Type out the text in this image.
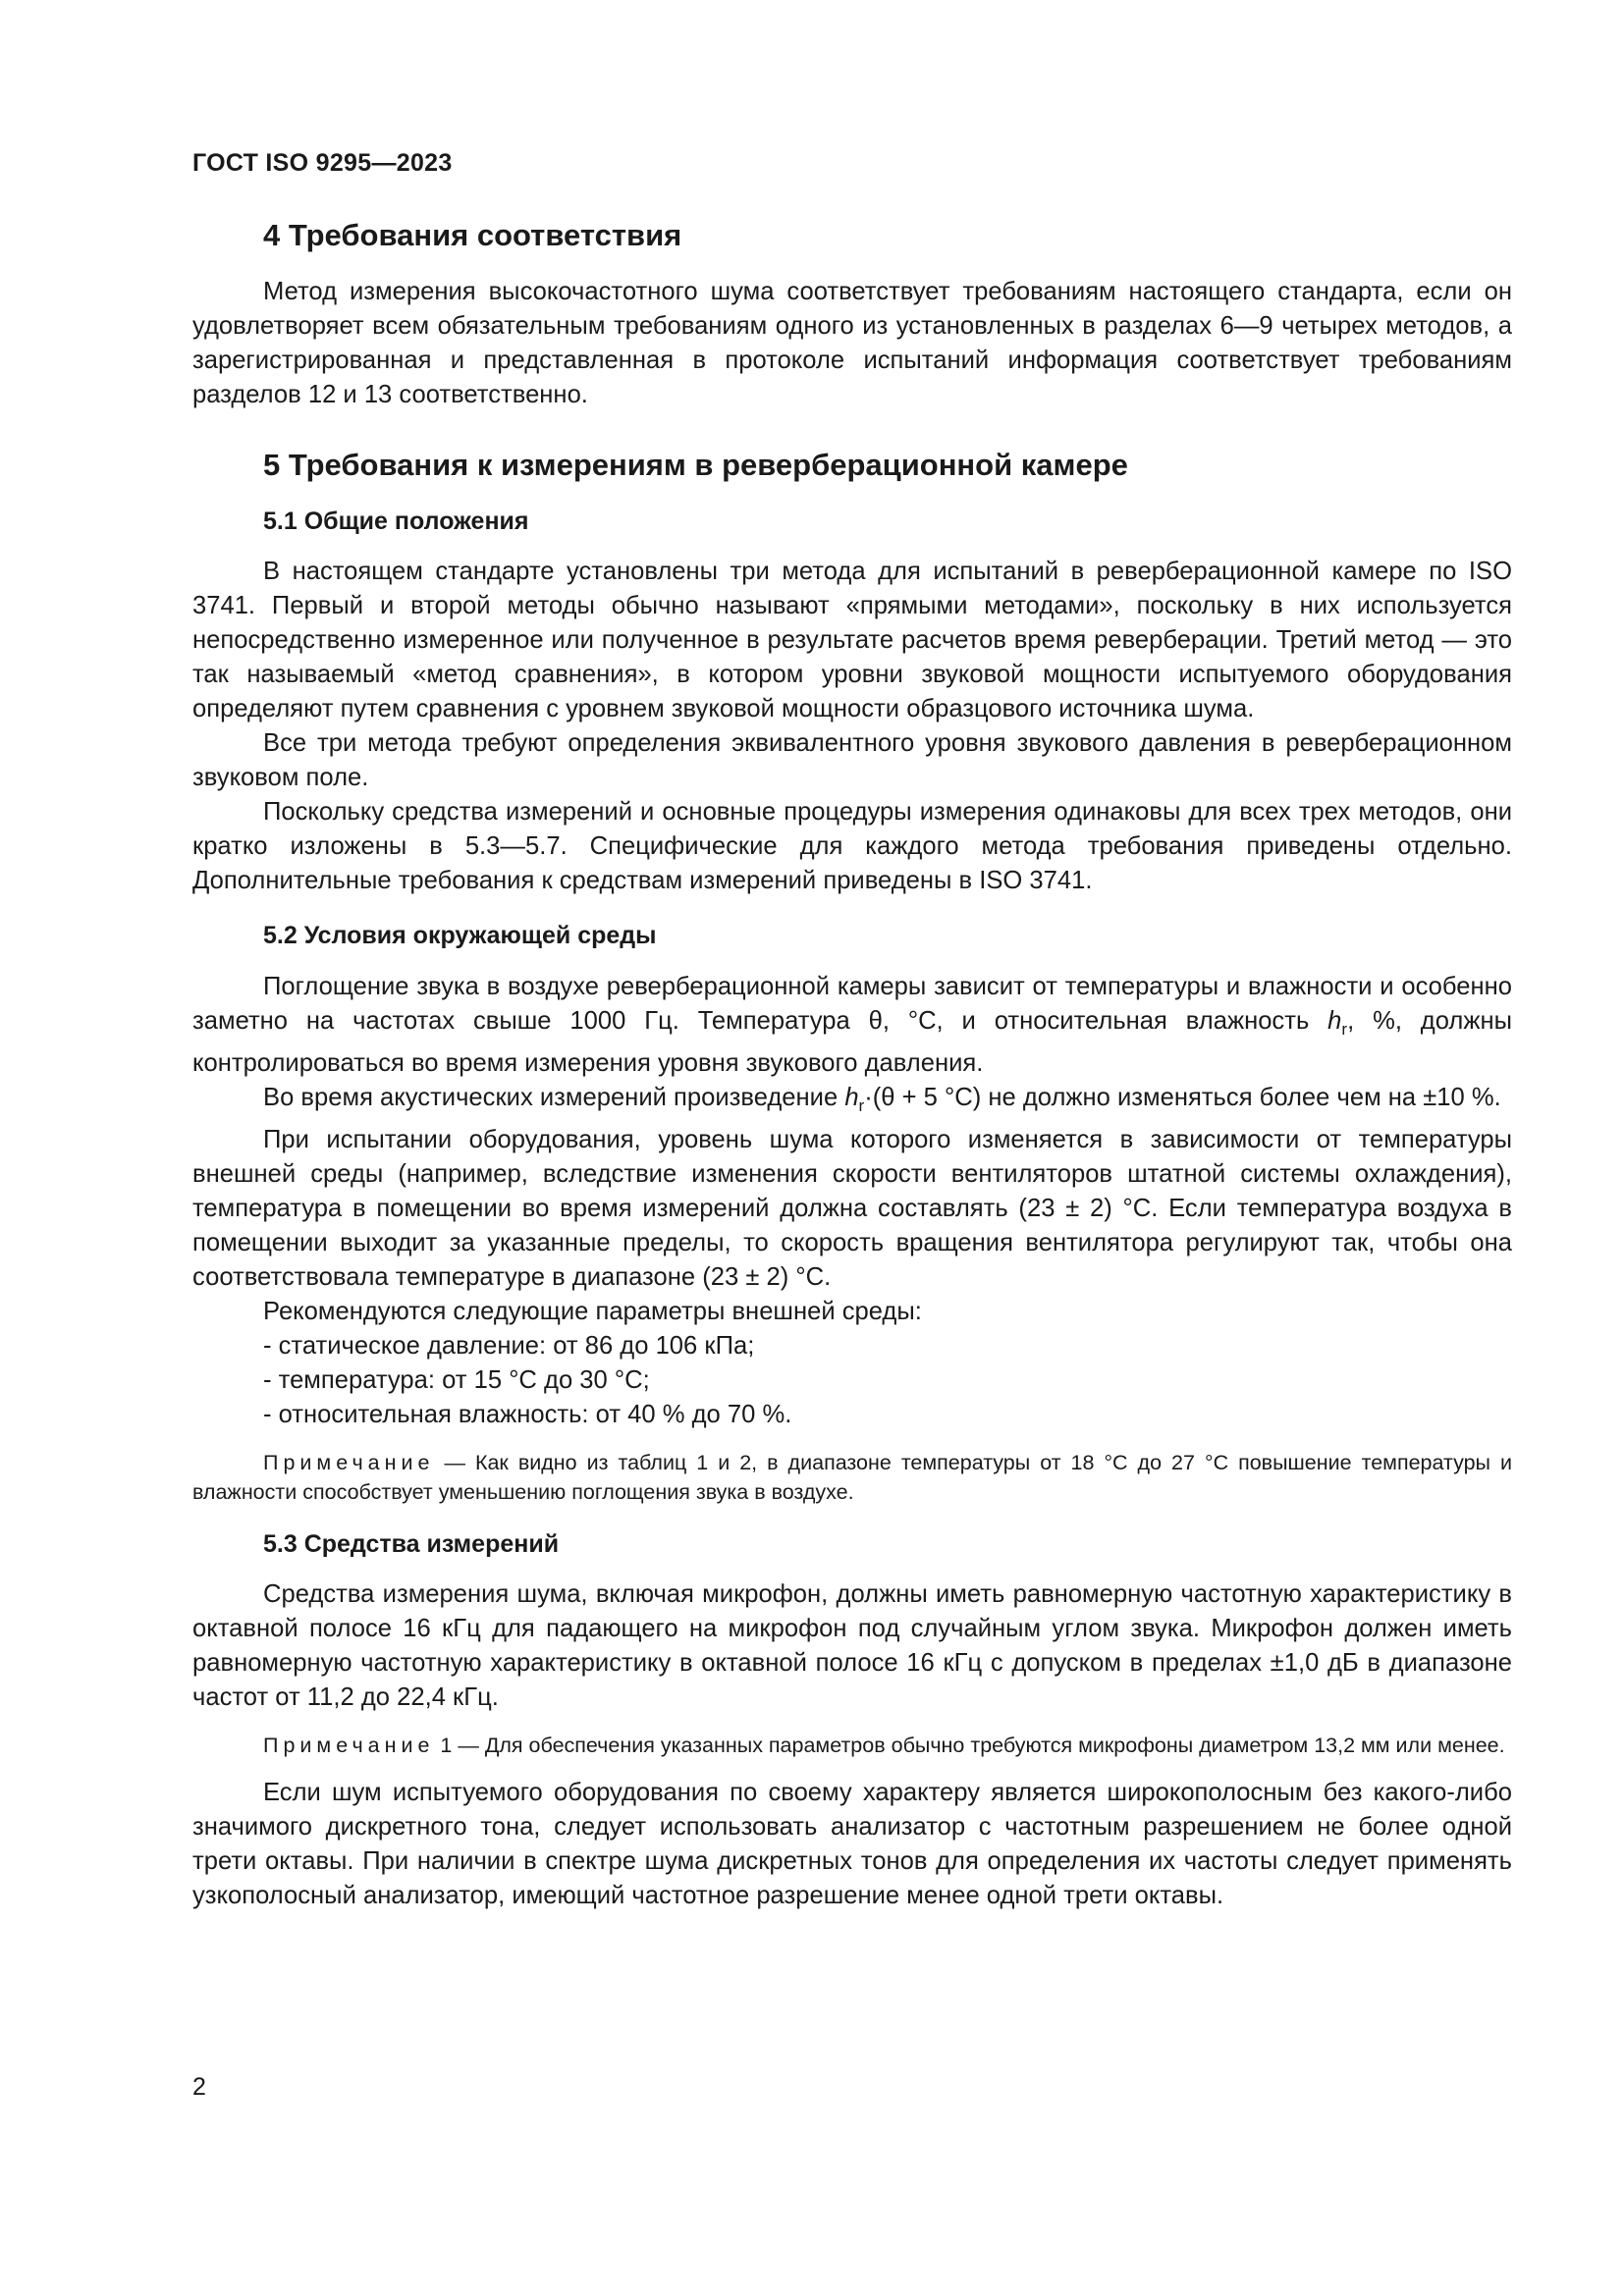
ГОСТ ISO 9295—2023
4 Требования соответствия

Метод измерения высокочастотного шума соответствует требованиям настоящего стандарта, если он удовлетворяет всем обязательным требованиям одного из установленных в разделах 6—9 четырех методов, а зарегистрированная и представленная в протоколе испытаний информация соответствует требованиям разделов 12 и 13 соответственно.

5 Требования к измерениям в реверберационной камере
5.1 Общие положения

В настоящем стандарте установлены три метода для испытаний в реверберационной камере по ISO 3741. Первый и второй методы обычно называют «прямыми методами», поскольку в них используется непосредственно измеренное или полученное в результате расчетов время реверберации. Третий метод — это так называемый «метод сравнения», в котором уровни звуковой мощности испытуемого оборудования определяют путем сравнения с уровнем звуковой мощности образцового источника шума.

Все три метода требуют определения эквивалентного уровня звукового давления в реверберационном звуковом поле.

Поскольку средства измерений и основные процедуры измерения одинаковы для всех трех методов, они кратко изложены в 5.3—5.7. Специфические для каждого метода требования приведены отдельно. Дополнительные требования к средствам измерений приведены в ISO 3741.

5.2 Условия окружающей среды

Поглощение звука в воздухе реверберационной камеры зависит от температуры и влажности и особенно заметно на частотах свыше 1000 Гц. Температура θ, °C, и относительная влажность $h_r$, %, должны контролироваться во время измерения уровня звукового давления.

Во время акустических измерений произведение $h_r\cdot(\theta + 5$ °C) не должно изменяться более чем на ±10 %.

При испытании оборудования, уровень шума которого изменяется в зависимости от температуры внешней среды (например, вследствие изменения скорости вентиляторов штатной системы охлаждения), температура в помещении во время измерений должна составлять (23 ± 2) °C. Если температура воздуха в помещении выходит за указанные пределы, то скорость вращения вентилятора регулируют так, чтобы она соответствовала температуре в диапазоне (23 ± 2) °C.

Рекомендуются следующие параметры внешней среды:

- статическое давление: от 86 до 106 кПа;
- температура: от 15 °C до 30 °C;
- относительная влажность: от 40 % до 70 %.

Примечание — Как видно из таблиц 1 и 2, в диапазоне температуры от 18 °C до 27 °C повышение температуры и влажности способствует уменьшению поглощения звука в воздухе.

5.3 Средства измерений

Средства измерения шума, включая микрофон, должны иметь равномерную частотную характеристику в октавной полосе 16 кГц для падающего на микрофон под случайным углом звука. Микрофон должен иметь равномерную частотную характеристику в октавной полосе 16 кГц с допуском в пределах ±1,0 дБ в диапазоне частот от 11,2 до 22,4 кГц.

Примечание 1 — Для обеспечения указанных параметров обычно требуются микрофоны диаметром 13,2 мм или менее.

Если шум испытуемого оборудования по своему характеру является широкополосным без какого-либо значимого дискретного тона, следует использовать анализатор с частотным разрешением не более одной трети октавы. При наличии в спектре шума дискретных тонов для определения их частоты следует применять узкополосный анализатор, имеющий частотное разрешение менее одной трети октавы.

2
